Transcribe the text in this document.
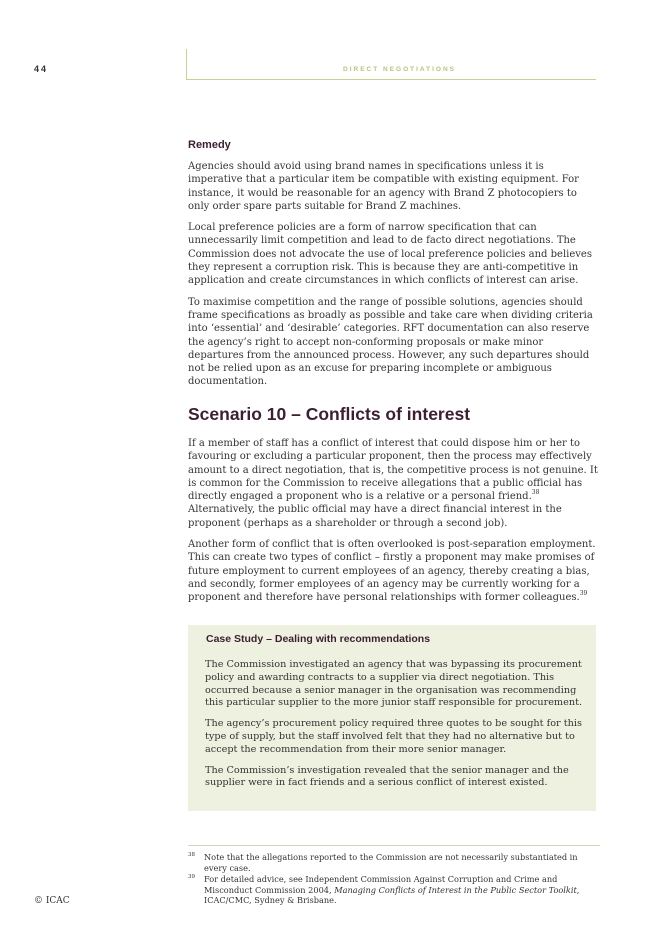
44	DIRECT NEGOTIATIONS
Remedy

Agencies should avoid using brand names in specifications unless it is imperative that a particular item be compatible with existing equipment. For instance, it would be reasonable for an agency with Brand Z photocopiers to only order spare parts suitable for Brand Z machines.

Local preference policies are a form of narrow specification that can unnecessarily limit competition and lead to de facto direct negotiations. The Commission does not advocate the use of local preference policies and believes they represent a corruption risk. This is because they are anti-competitive in application and create circumstances in which conflicts of interest can arise.

To maximise competition and the range of possible solutions, agencies should frame specifications as broadly as possible and take care when dividing criteria into ‘essential’ and ‘desirable’ categories. RFT documentation can also reserve the agency’s right to accept non-conforming proposals or make minor departures from the announced process. However, any such departures should not be relied upon as an excuse for preparing incomplete or ambiguous documentation.

Scenario 10 – Conflicts of interest

If a member of staff has a conflict of interest that could dispose him or her to favouring or excluding a particular proponent, then the process may effectively amount to a direct negotiation, that is, the competitive process is not genuine. It is common for the Commission to receive allegations that a public official has directly engaged a proponent who is a relative or a personal friend.$^{38}$ Alternatively, the public official may have a direct financial interest in the proponent (perhaps as a shareholder or through a second job).

Another form of conflict that is often overlooked is post-separation employment. This can create two types of conflict – firstly a proponent may make promises of future employment to current employees of an agency, thereby creating a bias, and secondly, former employees of an agency may be currently working for a proponent and therefore have personal relationships with former colleagues.$^{39}$

Case Study – Dealing with recommendations

The Commission investigated an agency that was bypassing its procurement policy and awarding contracts to a supplier via direct negotiation. This occurred because a senior manager in the organisation was recommending this particular supplier to the more junior staff responsible for procurement.

The agency’s procurement policy required three quotes to be sought for this type of supply, but the staff involved felt that they had no alternative but to accept the recommendation from their more senior manager.

The Commission’s investigation revealed that the senior manager and the supplier were in fact friends and a serious conflict of interest existed.

38 Note that the allegations reported to the Commission are not necessarily substantiated in every case.
39 For detailed advice, see Independent Commission Against Corruption and Crime and Misconduct Commission 2004, Managing Conflicts of Interest in the Public Sector Toolkit, ICAC/CMC, Sydney & Brisbane.
© ICAC
